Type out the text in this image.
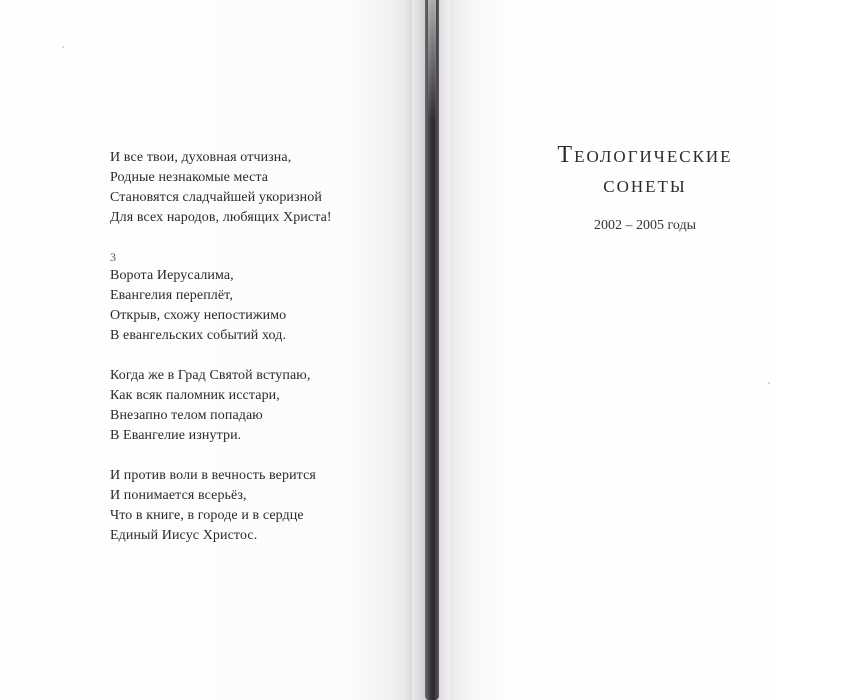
И все твои, духовная отчизна,
Родные незнакомые места
Становятся сладчайшей укоризной
Для всех народов, любящих Христа!
3
Ворота Иерусалима,
Евангелия переплёт,
Открыв, схожу непостижимо
В евангельских событий ход.
Когда же в Град Святой вступаю,
Как всяк паломник исстари,
Внезапно телом попадаю
В Евангелие изнутри.
И против воли в вечность верится
И понимается всерьёз,
Что в книге, в городе и в сердце
Единый Иисус Христос.
Теологические
сонеты
2002 – 2005 годы
